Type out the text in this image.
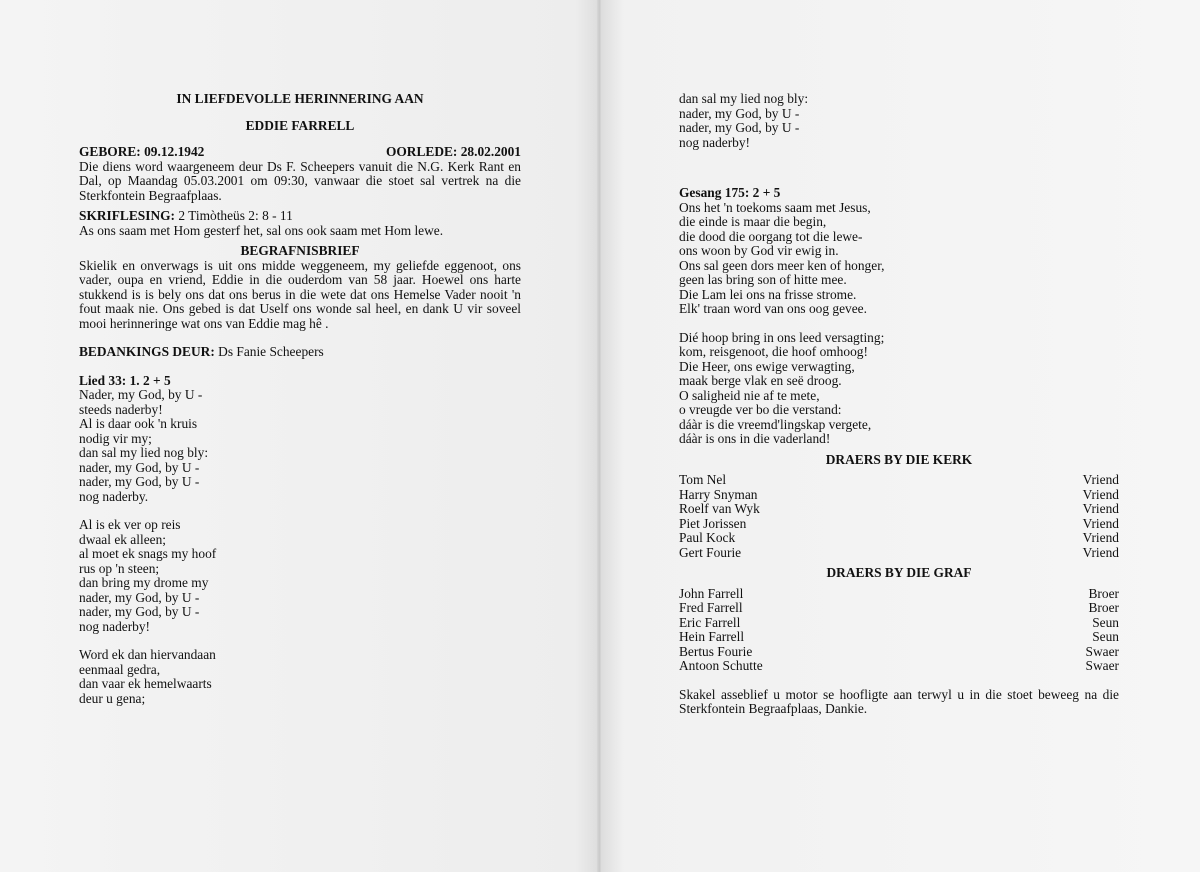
IN LIEFDEVOLLE HERINNERING AAN

EDDIE FARRELL

GEBORE: 09.12.1942	OORLEDE: 28.02.2001

Die diens word waargeneem deur Ds F. Scheepers vanuit die N.G. Kerk Rant en Dal, op Maandag 05.03.2001 om 09:30, vanwaar die stoet sal vertrek na die Sterkfontein Begraafplaas.

SKRIFLESING: 2 Timòtheüs 2: 8 - 11

As ons saam met Hom gesterf het, sal ons ook saam met Hom lewe.

BEGRAFNISBRIEF

Skielik en onverwags is uit ons midde weggeneem, my geliefde eggenoot, ons vader, oupa en vriend, Eddie in die ouderdom van 58 jaar. Hoewel ons harte stukkend is is bely ons dat ons berus in die wete dat ons Hemelse Vader nooit 'n fout maak nie. Ons gebed is dat Uself ons wonde sal heel, en dank U vir soveel mooi herinneringe wat ons van Eddie mag hê .

BEDANKINGS DEUR: Ds Fanie Scheepers

Lied 33: 1. 2 + 5

Nader, my God, by U -

steeds naderby!

Al is daar ook 'n kruis

nodig vir my;

dan sal my lied nog bly:

nader, my God, by U -

nader, my God, by U -

nog naderby.

Al is ek ver op reis

dwaal ek alleen;

al moet ek snags my hoof

rus op 'n steen;

dan bring my drome my

nader, my God, by U -

nader, my God, by U -

nog naderby!

Word ek dan hiervandaan

eenmaal gedra,

dan vaar ek hemelwaarts

deur u gena;

dan sal my lied nog bly:

nader, my God, by U -

nader, my God, by U -

nog naderby!

Gesang 175: 2 + 5

Ons het 'n toekoms saam met Jesus,

die einde is maar die begin,

die dood die oorgang tot die lewe-

ons woon by God vir ewig in.

Ons sal geen dors meer ken of honger,

geen las bring son of hitte mee.

Die Lam lei ons na frisse strome.

Elk' traan word van ons oog gevee.

Dié hoop bring in ons leed versagting;

kom, reisgenoot, die hoof omhoog!

Die Heer, ons ewige verwagting,

maak berge vlak en seë droog.

O saligheid nie af te mete,

o vreugde ver bo die verstand:

dáàr is die vreemd'lingskap vergete,

dáàr is ons in die vaderland!

DRAERS BY DIE KERK

Tom Nel	Vriend
Harry Snyman	Vriend
Roelf van Wyk	Vriend
Piet Jorissen	Vriend
Paul Kock	Vriend
Gert Fourie	Vriend

DRAERS BY DIE GRAF

John Farrell	Broer
Fred Farrell	Broer
Eric Farrell	Seun
Hein Farrell	Seun
Bertus Fourie	Swaer
Antoon Schutte	Swaer

Skakel asseblief u motor se hoofligte aan terwyl u in die stoet beweeg na die Sterkfontein Begraafplaas, Dankie.
